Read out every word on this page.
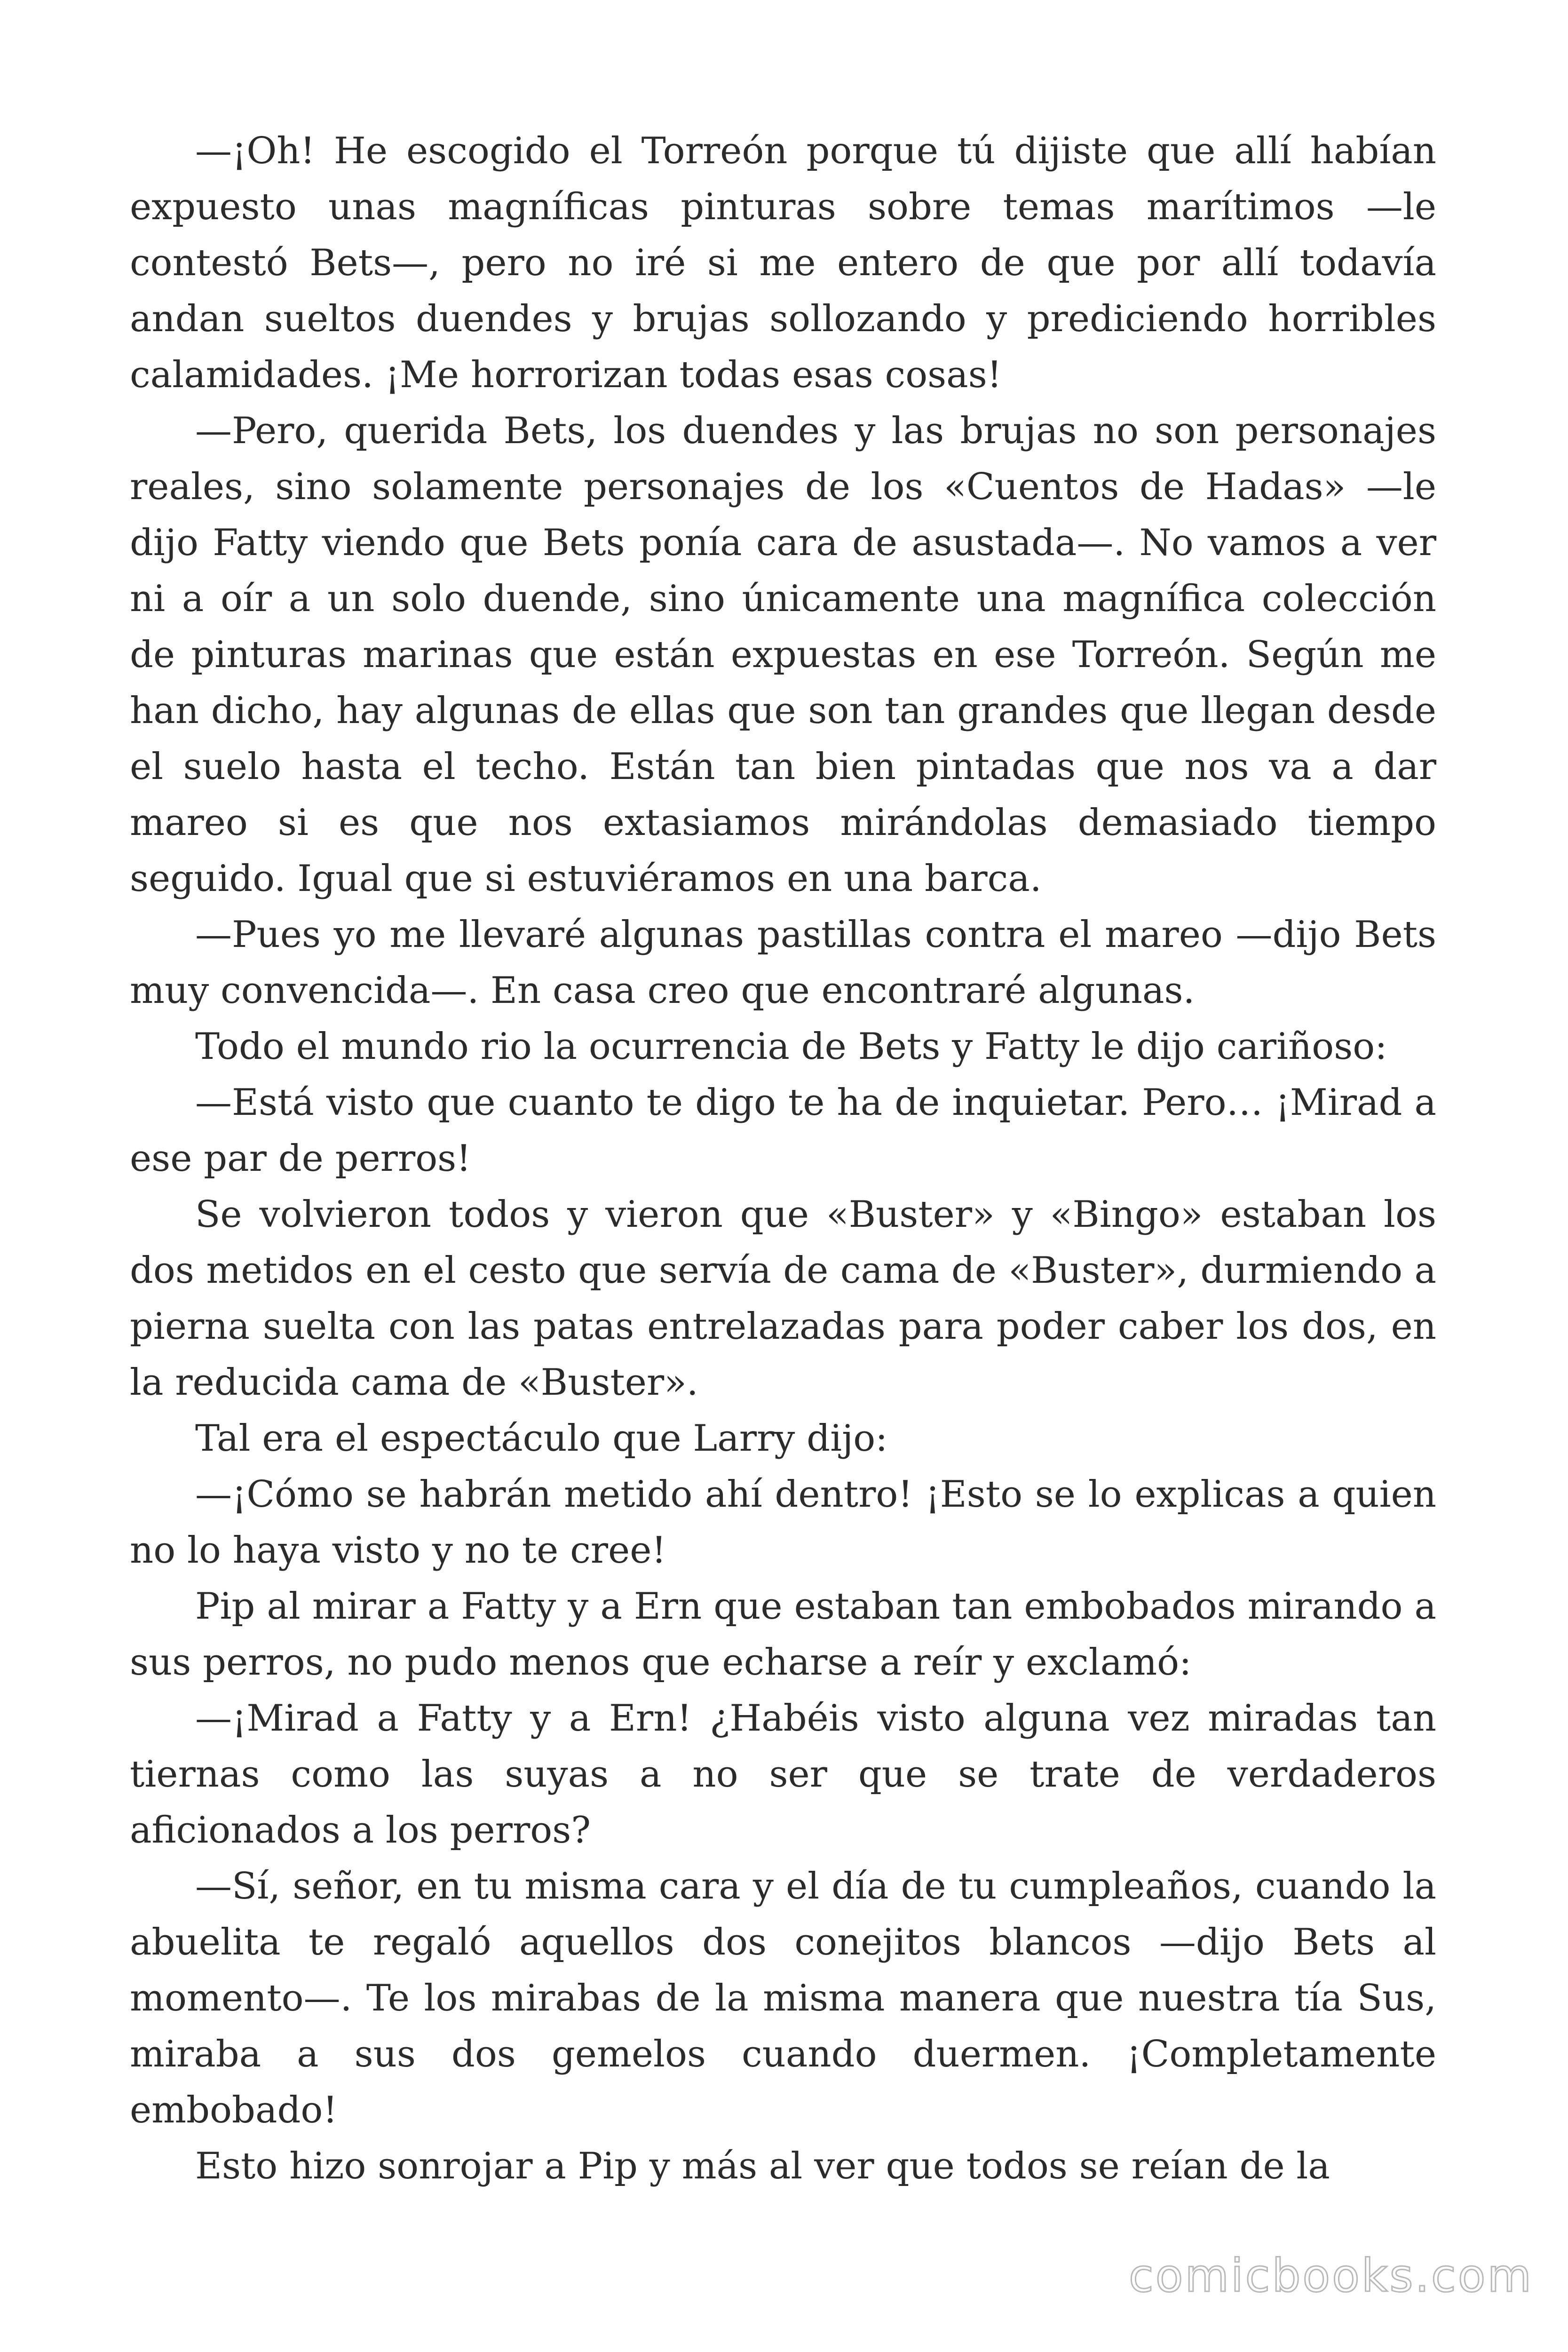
—¡Oh! He escogido el Torreón porque tú dijiste que allí habían expuesto unas magníficas pinturas sobre temas marítimos —le contestó Bets—, pero no iré si me entero de que por allí todavía andan sueltos duendes y brujas sollozando y prediciendo horribles calamidades. ¡Me horrorizan todas esas cosas!

—Pero, querida Bets, los duendes y las brujas no son personajes reales, sino solamente personajes de los «Cuentos de Hadas» —le dijo Fatty viendo que Bets ponía cara de asustada—. No vamos a ver ni a oír a un solo duende, sino únicamente una magnífica colección de pinturas marinas que están expuestas en ese Torreón. Según me han dicho, hay algunas de ellas que son tan grandes que llegan desde el suelo hasta el techo. Están tan bien pintadas que nos va a dar mareo si es que nos extasiamos mirándolas demasiado tiempo seguido. Igual que si estuviéramos en una barca.

—Pues yo me llevaré algunas pastillas contra el mareo —dijo Bets muy convencida—. En casa creo que encontraré algunas.

Todo el mundo rio la ocurrencia de Bets y Fatty le dijo cariñoso:

—Está visto que cuanto te digo te ha de inquietar. Pero… ¡Mirad a ese par de perros!

Se volvieron todos y vieron que «Buster» y «Bingo» estaban los dos metidos en el cesto que servía de cama de «Buster», durmiendo a pierna suelta con las patas entrelazadas para poder caber los dos, en la reducida cama de «Buster».

Tal era el espectáculo que Larry dijo:

—¡Cómo se habrán metido ahí dentro! ¡Esto se lo explicas a quien no lo haya visto y no te cree!

Pip al mirar a Fatty y a Ern que estaban tan embobados mirando a sus perros, no pudo menos que echarse a reír y exclamó:

—¡Mirad a Fatty y a Ern! ¿Habéis visto alguna vez miradas tan tiernas como las suyas a no ser que se trate de verdaderos aficionados a los perros?

—Sí, señor, en tu misma cara y el día de tu cumpleaños, cuando la abuelita te regaló aquellos dos conejitos blancos —dijo Bets al momento—. Te los mirabas de la misma manera que nuestra tía Sus, miraba a sus dos gemelos cuando duermen. ¡Completamente embobado!

Esto hizo sonrojar a Pip y más al ver que todos se reían de la

comicbooks.com
